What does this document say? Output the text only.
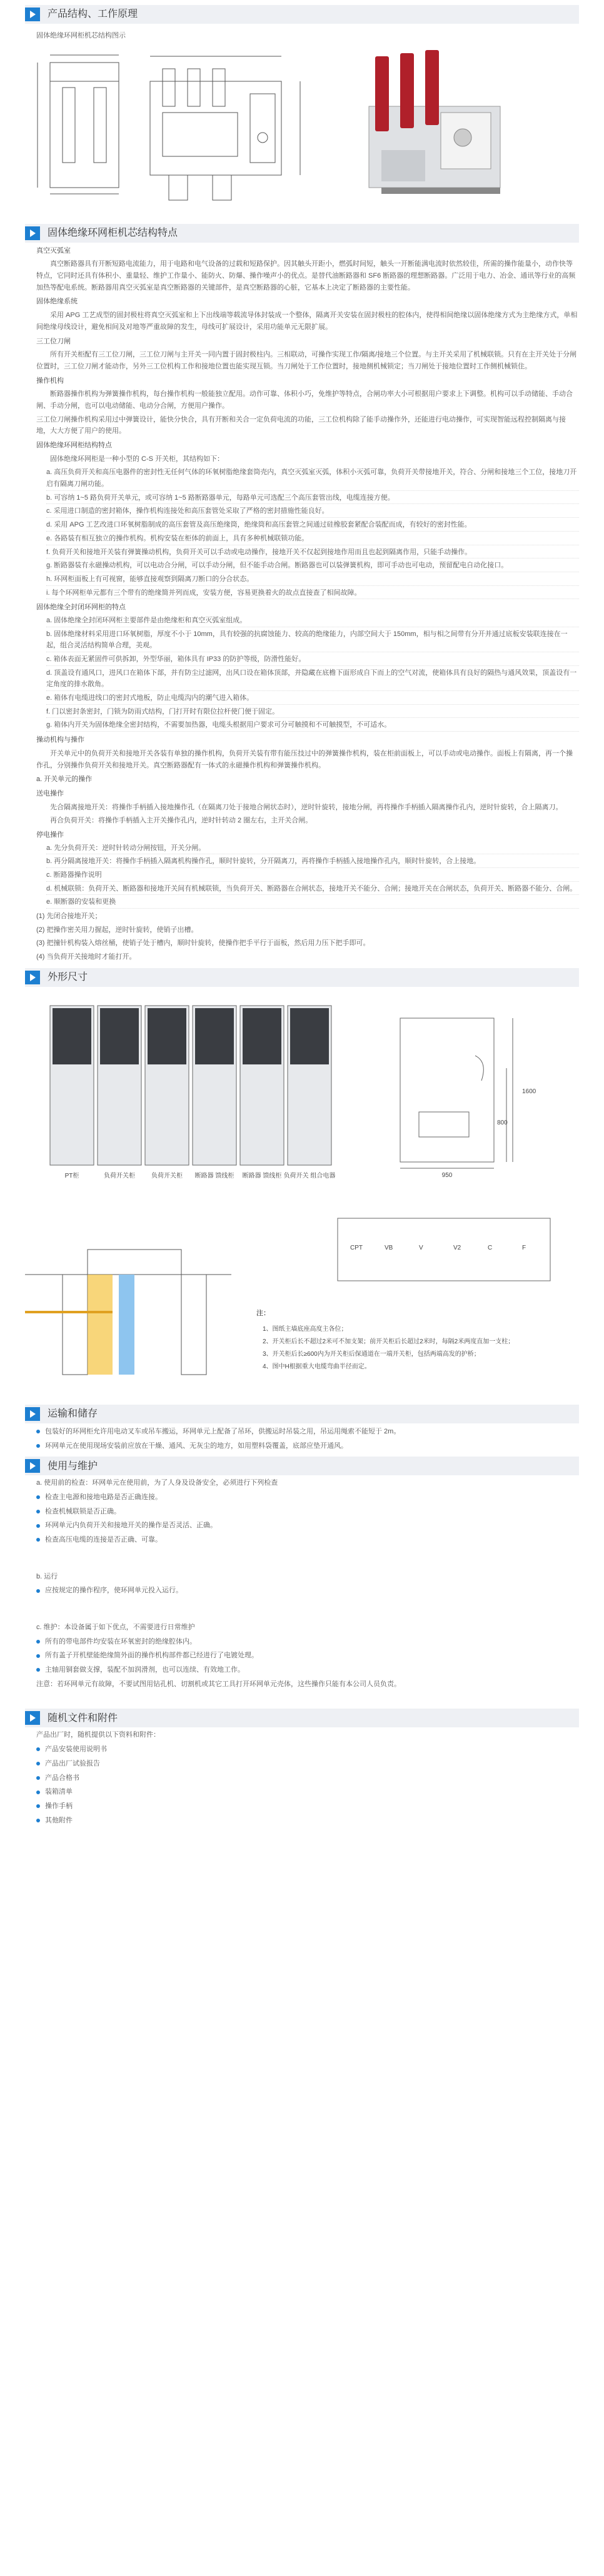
产品结构、工作原理

固体绝缘环网柜机芯结构图示

固体绝缘环网柜机芯结构特点

真空灭弧室

真空断路器具有开断短路电流能力，用于电路和电气设备的过载和短路保护。因其触头开距小，燃弧时间短，触头一开断能满电流时依然较佳，所需的操作能量小，动作快等特点，它同时还具有体积小、重量轻、维护工作量小、能防火、防爆、操作噪声小的优点。是替代油断路器和 SF6 断路器的理想断路器。广泛用于电力、冶金、通讯等行业的高频加热等配电系统。断路器用真空灭弧室是真空断路器的关键部件，是真空断路器的心脏，它基本上决定了断路器的主要性能。

固体绝缘系统

采用 APG 工艺成型的固封极柱将真空灭弧室和上下出线端等载流导体封装成一个整体，隔离开关安装在固封极柱的腔体内，使得相间绝缘以固体绝缘方式为主绝缘方式，单相间绝缘母线设计，避免相间及对地等严重故障的发生，母线可扩展设计，采用功能单元无限扩展。

三工位刀闸

所有开关柜配有三工位刀闸，三工位刀闸与主开关一同内置于固封极柱内。三相联动，可操作实现工作/隔离/接地三个位置。与主开关采用了机械联锁。只有在主开关处于分闸位置时，三工位刀闸才能动作，另外三工位机构工作和接地位置也能实现互锁。当刀闸处于工作位置时，接地侧机械锁定；当刀闸处于接地位置时工作侧机械锁住。

操作机构

断路器操作机构为弹簧操作机构，每台操作机构一般能独立配用。动作可靠、体积小巧，免维护等特点，合闸功率大小可根据用户要求上下调整。机构可以手动储能、手动合闸、手动分闸，也可以电动储能、电动分合闸，方便用户操作。

三工位刀闸操作机构采用过中弹簧设计，能快分快合，具有开断和关合一定负荷电流的功能，三工位机构除了能手动操作外，还能进行电动操作，可实现智能远程控制隔离与接地，大大方便了用户的使用。

固体绝缘环网柜结构特点

固体绝缘环网柜是一种小型的 C-S 开关柜，其结构如下：

a. 高压负荷开关和高压电器件的密封性无任何气体的环氧树脂绝缘套筒壳内，真空灭弧室灭弧，体积小灭弧可靠，负荷开关带接地开关，符合、分闸和接地三个工位，接地刀开启有隔离刀闸功能。

b. 可容纳 1~5 路负荷开关单元，或可容纳 1~5 路断路器单元，每路单元可选配三个高压套管出线，电缆连接方便。

c. 采用进口制造的密封箱体，操作机构连接处和高压套管处采取了严格的密封措施性能良好。

d. 采用 APG 工艺改进口环氧树脂制成的高压套管及高压绝缘筒，绝缘筒和高压套管之间通过硅橡胶套紧配合装配而成，有较好的密封性能。

e. 各路装有相互独立的操作机构。机构安装在柜体的前面上，具有多种机械联锁功能。

f. 负荷开关和接地开关装有弹簧操动机构，负荷开关可以手动或电动操作，接地开关不仅起到接地作用而且也起到隔离作用，只能手动操作。

g. 断路器装有永磁操动机构，可以电动合分闸，可以手动分闸，但不能手动合闸。断路器也可以装弹簧机构，即可手动也可电动，预留配电自动化接口。

h. 环网柜面板上有可视窗，能够直接观察到隔离刀断口的分合状态。

i. 每个环网柜单元都有三个带有的绝缘简并列而成，安装方便，容易更换着火的故点直接查了相间故障。

固体绝缘全封闭环网柜的特点

a. 固体绝缘全封闭环网柜主要部件是由绝缘柜和真空灭弧室组成。

b. 固体绝缘材料采用进口环氧树脂，厚度不小于 10mm，具有较强的抗腐蚀能力、较高的绝缘能力，内部空间大于 150mm，相与相之间带有分开并通过底板安装联连接在一起，组合灵活结构简单合理，美观。

c. 箱体表面无紧固件可供拆卸，外型华丽，箱体具有 IP33 的防护等级，防滑性能好。

d. 顶盖设有通风口，进风口在箱体下部，并有防尘过滤网，出风口设在箱体顶部，并隐藏在底檐下面形成自下而上的空气对流，使箱体具有良好的隔热与通风效果，顶盖设有一定角度的排水散角。

e. 箱体有电缆进线口的密封式地板，防止电缆沟内的潮气进入箱体。

f. 门以密封条密封，门锁为防雨式结构，门打开时有限位拉杆使门便于固定。

g. 箱体内开关为固体绝缘全密封结构，不需要加热器，电缆头根据用户要求可分可触摸和不可触摸型，不可适水。

操动机构与操作

开关单元中的负荷开关和接地开关各装有单独的操作机构，负荷开关装有带有能压技过中的弹簧操作机构，装在柜前面板上，可以手动或电动操作。面板上有隔离，再一个操作孔，分别操作负荷开关和接地开关。真空断路器配有一体式的永磁操作机构和弹簧操作机构。

a. 开关单元的操作

送电操作

先合隔离接地开关：将操作手柄插入接地操作孔（在隔离刀处于接地合闸状态时），逆时针旋转，接地分闸，再将操作手柄插入隔离操作孔内，逆时针旋转，合上隔离刀。

再合负荷开关：将操作手柄插入主开关操作孔内，逆时针转动 2 圈左右，主开关合闸。

停电操作

a. 先分负荷开关：逆时针转动分闸按钮，开关分闸。

b. 再分隔离接地开关：将操作手柄插入隔离机构操作孔，顺时针旋转，分开隔离刀，再将操作手柄插入接地操作孔内，顺时针旋转，合上接地。

c. 断路器操作说明

d. 机械联锁：负荷开关、断路器和接地开关间有机械联锁，当负荷开关、断路器在合闸状态，接地开关不能分、合闸；接地开关在合闸状态，负荷开关、断路器不能分、合闸。

e. 顺断器的安装和更换

(1) 先闭合接地开关；

(2) 把操作密关用力握起，逆时针旋转，使销子出槽。

(3) 把撞针机构装入熔丝桶，使销子处于槽内，顺时针旋转，使操作把手平行于面板，然后用力压下把手即可。

(4) 当负荷开关接地时才能打开。

外形尺寸
PT柜	负荷开关柜	负荷开关柜 断路器 馈线柜 断路器 馈线柜 负荷开关 组合电器	950
1600
800
CPT	VB	V	V2	C	F
注：
1、图纸主墙底座高度主各位；
2、开关柜后长不超过2米可不加支架；前开关柜后长超过2米时，每隔2米两度直加一支柱；
3、开关柜后长≥600内为开关柜后保通道在一端开关柜，包括两端高发的护桥；
4、图中H根据重大电缆弯曲半径而定。
运输和储存
包装好的环网柜允许用电动叉车或吊车搬运，环网单元上配备了吊环，供搬运时吊装之用，吊运用绳索不能短于 2m。
环网单元在使用现场安装前应放在干燥、通风、无灰尘的地方，如用塑料袋覆盖，底部应垫开通风。
使用与维护

a. 使用前的检查：环网单元在使用前，为了人身及设备安全，必须进行下列检查

检查主电源和接地电路是否正确连接。
检查机械联锁是否正确。
环网单元内负荷开关和接地开关的操作是否灵活、正确。
检查高压电缆的连接是否正确、可靠。

b. 运行

应按规定的操作程序，使环网单元投入运行。

c. 维护：本设备属于如下优点，不需要进行日常维护

所有的带电部件均安装在环氧密封的绝缘腔体内。
所有盖子开机壁能绝缘简外面的操作机构部件都已经进行了电镀处理。
主轴用铜套做支撑，装配不加润滑剂，也可以连续、有效地工作。

注意：若环网单元有故障，不要试图用钻孔机、切割机或其它工具打开环网单元壳体，这些操作只能有本公司人员负责。

随机文件和附件

产品出厂时，随机提供以下资料和附件：

产品安装使用说明书
产品出厂试验报告
产品合格书
装箱清单
操作手柄
其他附件
